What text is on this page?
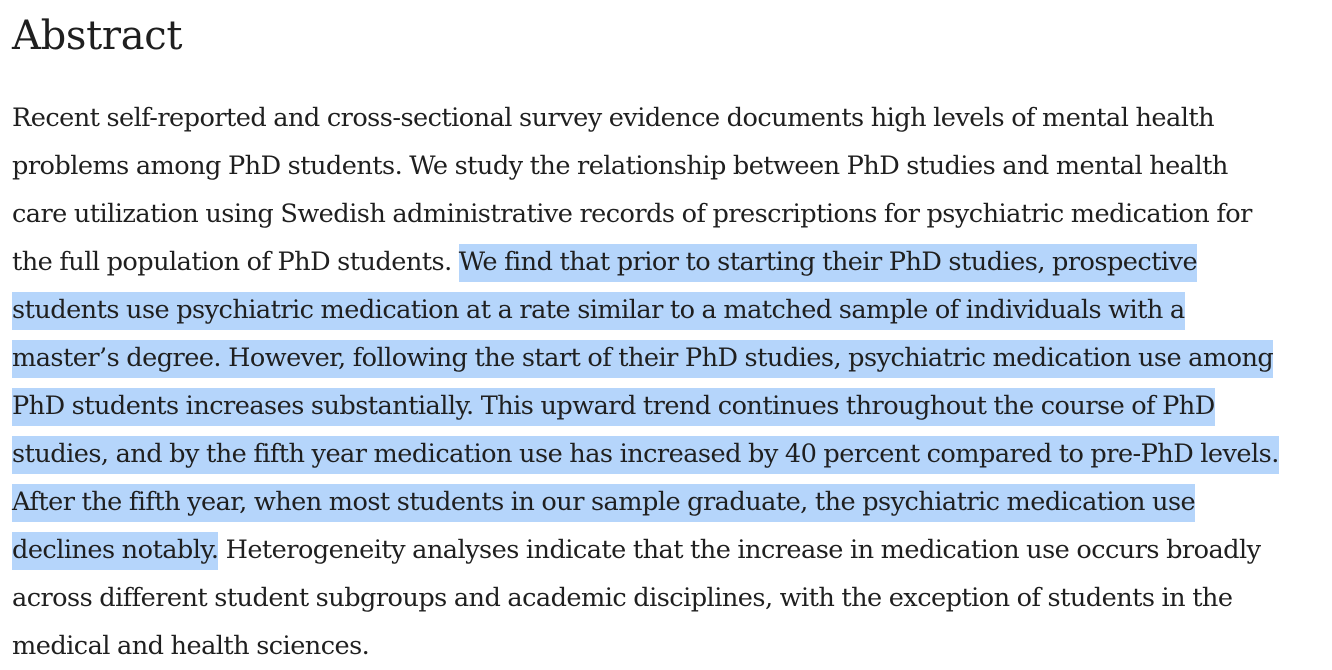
Abstract

Recent self-reported and cross-sectional survey evidence documents high levels of mental health
problems among PhD students. We study the relationship between PhD studies and mental health
care utilization using Swedish administrative records of prescriptions for psychiatric medication for
the full population of PhD students. We find that prior to starting their PhD studies, prospective
students use psychiatric medication at a rate similar to a matched sample of individuals with a
master’s degree. However, following the start of their PhD studies, psychiatric medication use among
PhD students increases substantially. This upward trend continues throughout the course of PhD
studies, and by the fifth year medication use has increased by 40 percent compared to pre-PhD levels.
After the fifth year, when most students in our sample graduate, the psychiatric medication use
declines notably. Heterogeneity analyses indicate that the increase in medication use occurs broadly
across different student subgroups and academic disciplines, with the exception of students in the
medical and health sciences.
